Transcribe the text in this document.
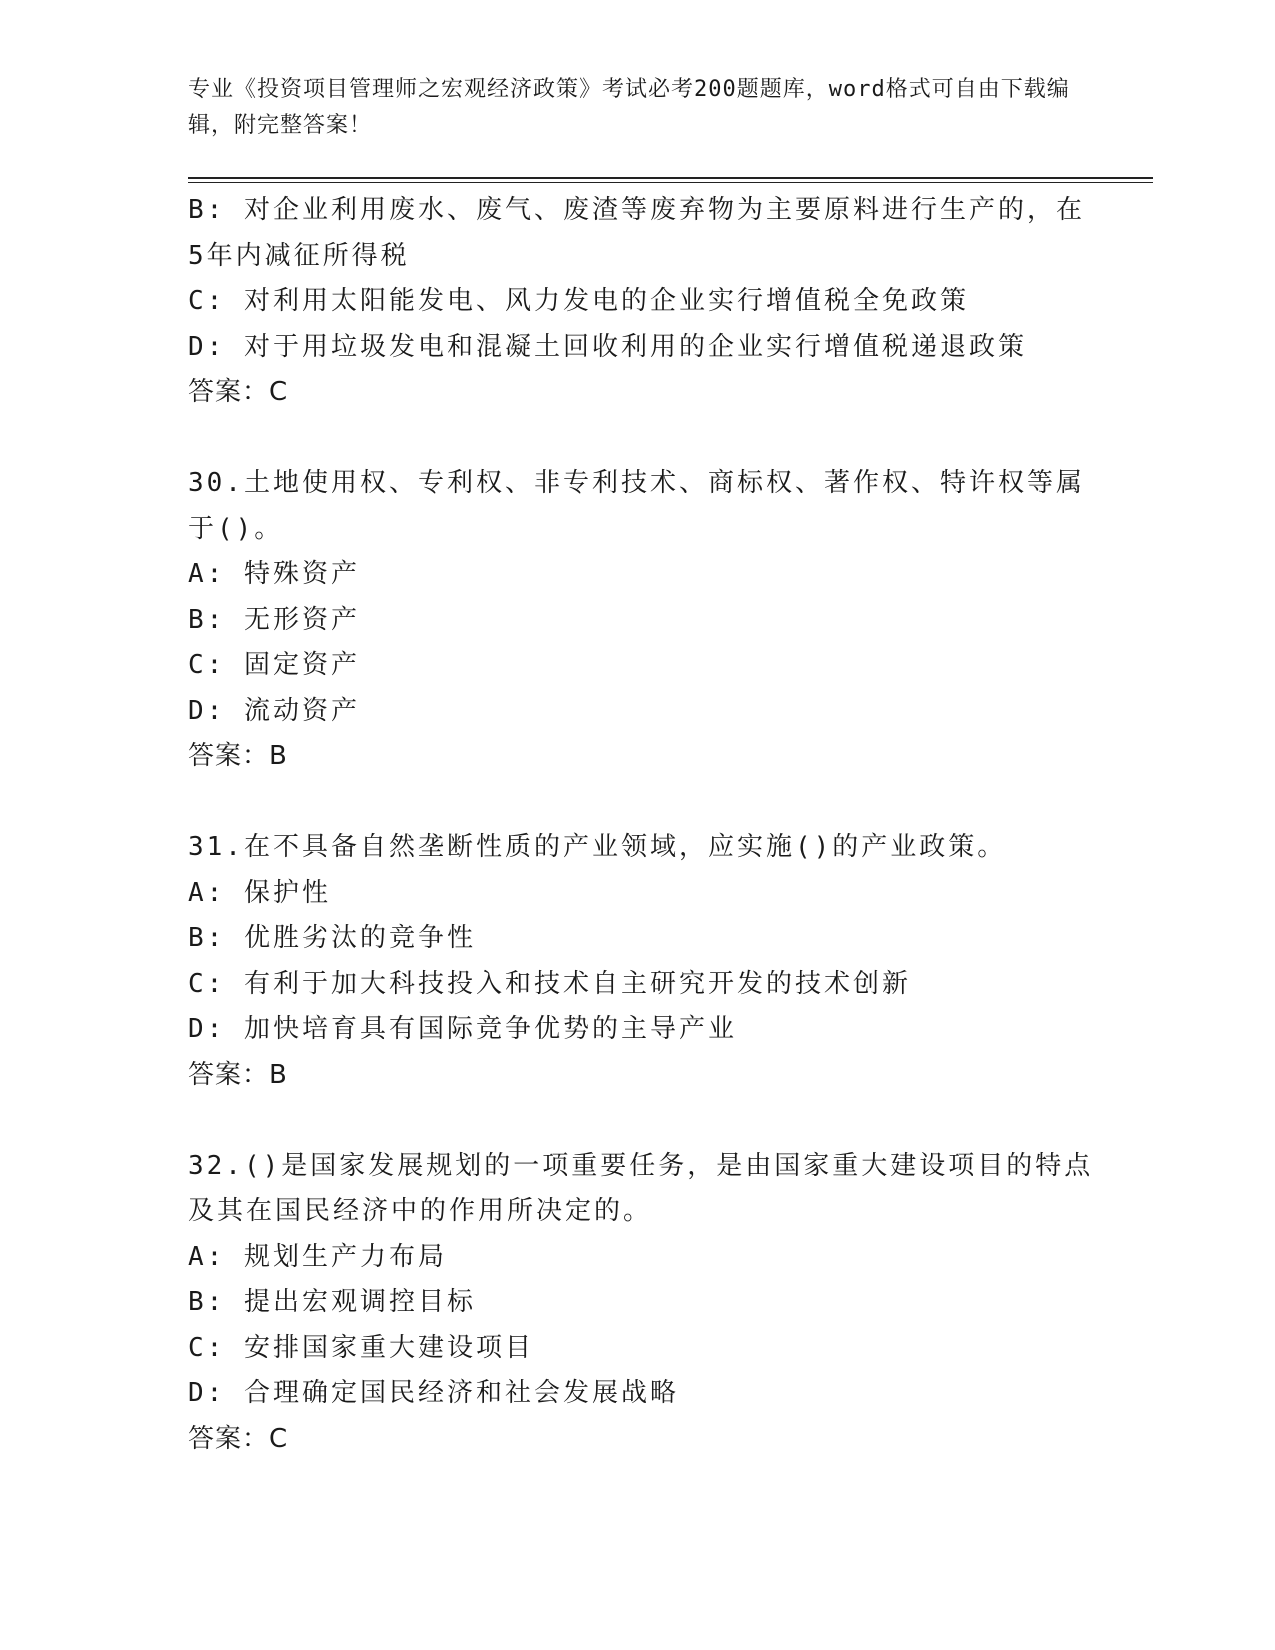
专业《投资项目管理师之宏观经济政策》考试必考200题题库，word格式可自由下载编辑，附完整答案！
B: 对企业利用废水、废气、废渣等废弃物为主要原料进行生产的，在
5年内减征所得税
C: 对利用太阳能发电、风力发电的企业实行增值税全免政策
D: 对于用垃圾发电和混凝土回收利用的企业实行增值税递退政策
答案：C
30.土地使用权、专利权、非专利技术、商标权、著作权、特许权等属
于()。
A: 特殊资产
B: 无形资产
C: 固定资产
D: 流动资产
答案：B
31.在不具备自然垄断性质的产业领域，应实施()的产业政策。
A: 保护性
B: 优胜劣汰的竞争性
C: 有利于加大科技投入和技术自主研究开发的技术创新
D: 加快培育具有国际竞争优势的主导产业
答案：B
32.()是国家发展规划的一项重要任务，是由国家重大建设项目的特点
及其在国民经济中的作用所决定的。
A: 规划生产力布局
B: 提出宏观调控目标
C: 安排国家重大建设项目
D: 合理确定国民经济和社会发展战略
答案：C
